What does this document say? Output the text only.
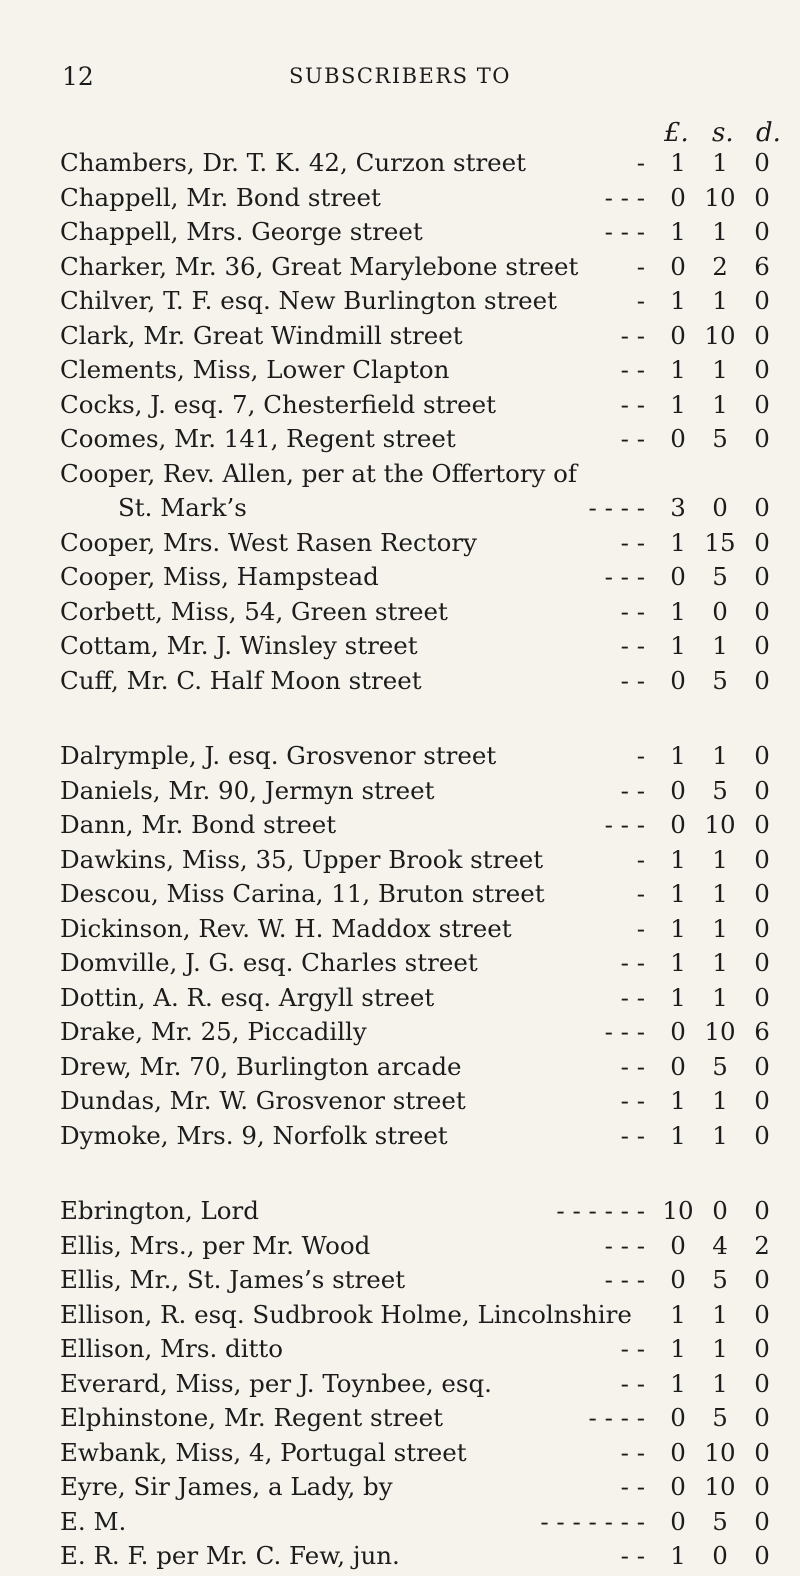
12	SUBSCRIBERS TO
£. s. d.
Chambers, Dr. T. K. 42, Curzon street	-	1	1	0
Chappell, Mr. Bond street	- - -	0 10 0
Chappell, Mrs. George street	- - -	1	1	0
Charker, Mr. 36, Great Marylebone street	-	0	2	6
Chilver, T. F. esq. New Burlington street	-	1	1	0
Clark, Mr. Great Windmill street	- -	0 10 0
Clements, Miss, Lower Clapton	- -	1	1	0
Cocks, J. esq. 7, Chesterfield street	- -	1	1	0
Coomes, Mr. 141, Regent street	- -	0	5	0
Cooper, Rev. Allen, per at the Offertory of
St. Mark’s	- - - -	3	0	0
Cooper, Mrs. West Rasen Rectory	- -	1 15 0
Cooper, Miss, Hampstead	- - -	0	5	0
Corbett, Miss, 54, Green street	- -	1	0	0
Cottam, Mr. J. Winsley street	- -	1	1	0
Cuff, Mr. C. Half Moon street	- -	0	5	0
Dalrymple, J. esq. Grosvenor street	-	1	1	0
Daniels, Mr. 90, Jermyn street	- -	0	5	0
Dann, Mr. Bond street	- - -	0 10 0
Dawkins, Miss, 35, Upper Brook street	-	1	1	0
Descou, Miss Carina, 11, Bruton street	-	1	1	0
Dickinson, Rev. W. H. Maddox street	-	1	1	0
Domville, J. G. esq. Charles street	- -	1	1	0
Dottin, A. R. esq. Argyll street	- -	1	1	0
Drake, Mr. 25, Piccadilly	- - -	0 10 6
Drew, Mr. 70, Burlington arcade	- -	0	5	0
Dundas, Mr. W. Grosvenor street	- -	1	1	0
Dymoke, Mrs. 9, Norfolk street	- -	1	1	0
Ebrington, Lord	- - - - - - 10 0	0
Ellis, Mrs., per Mr. Wood	- - -	0	4	2
Ellis, Mr., St. James’s street	- - -	0	5	0
Ellison, R. esq. Sudbrook Holme, Lincolnshire	1	1	0
Ellison, Mrs. ditto	- -	1	1	0
Everard, Miss, per J. Toynbee, esq.	- -	1	1	0
Elphinstone, Mr. Regent street	- - - -	0	5	0
Ewbank, Miss, 4, Portugal street	- -	0 10 0
Eyre, Sir James, a Lady, by	- -	0 10 0
E. M.	- - - - - - -	0	5	0
E. R. F. per Mr. C. Few, jun.	- -	1	0	0
